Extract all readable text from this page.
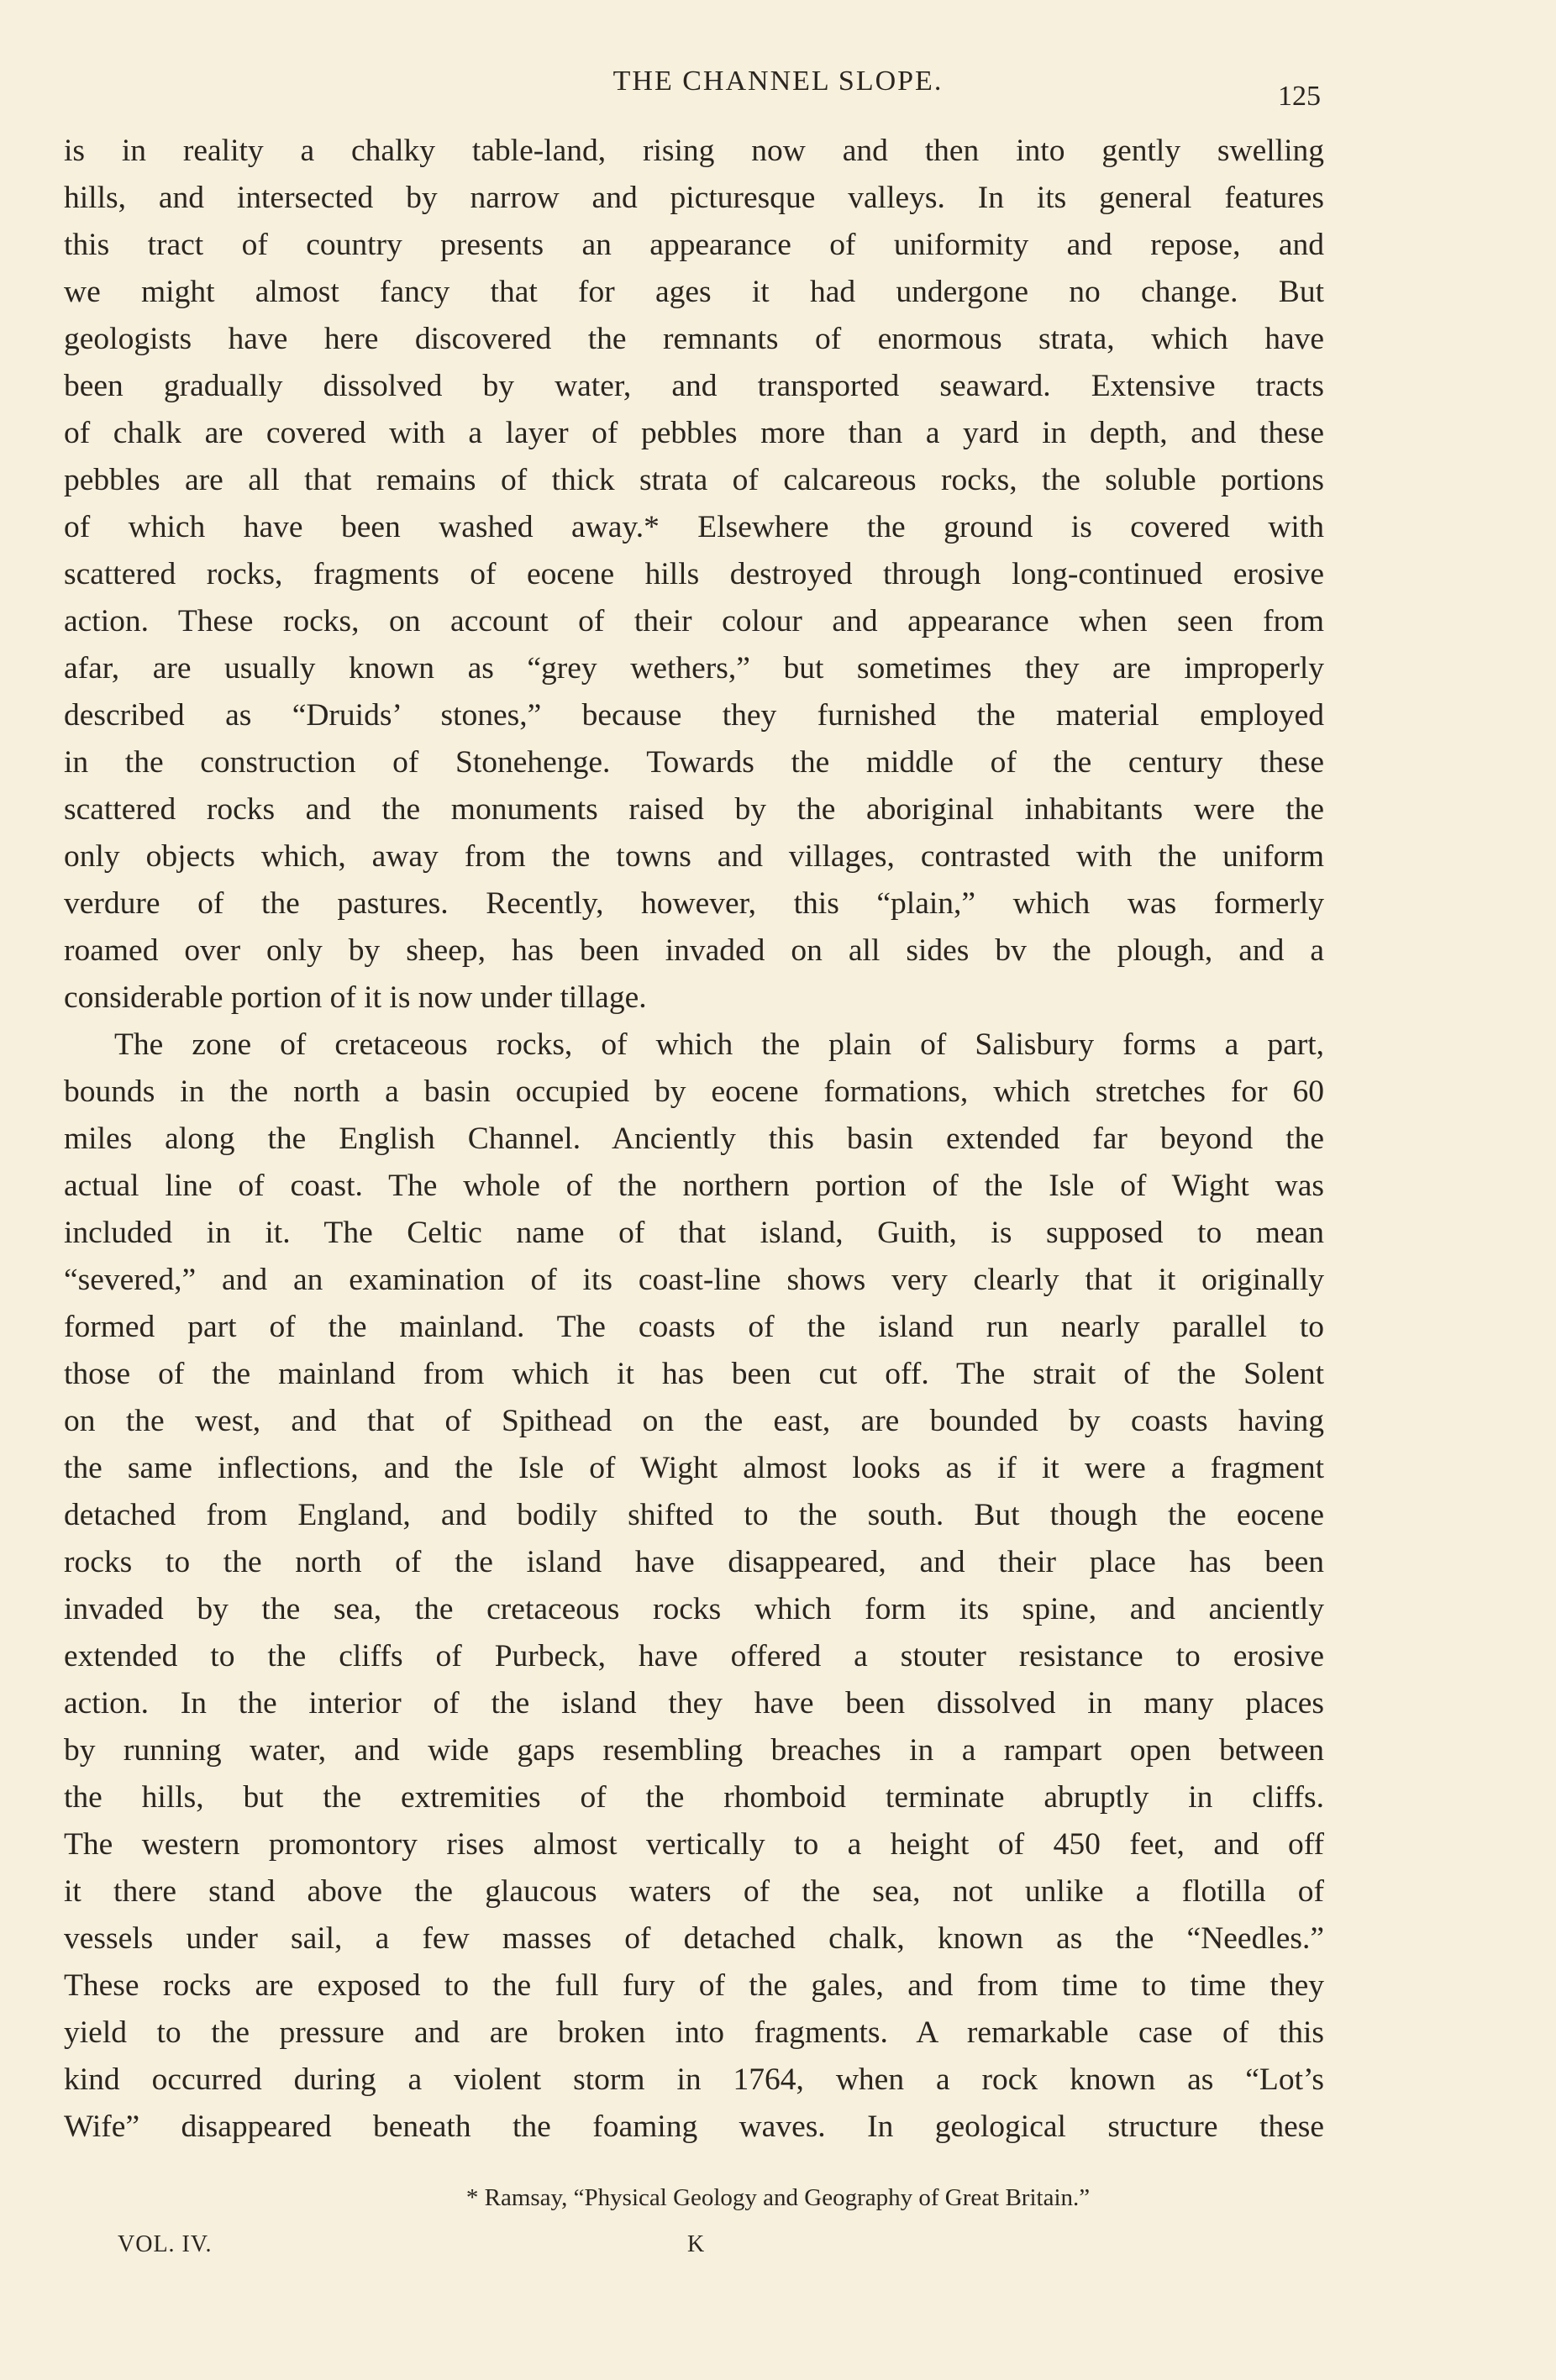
THE CHANNEL SLOPE.	125
is in reality a chalky table-land, rising now and then into gently swelling
hills, and intersected by narrow and picturesque valleys. In its general features
this tract of country presents an appearance of uniformity and repose, and
we might almost fancy that for ages it had undergone no change. But
geologists have here discovered the remnants of enormous strata, which have
been gradually dissolved by water, and transported seaward. Extensive tracts
of chalk are covered with a layer of pebbles more than a yard in depth, and these
pebbles are all that remains of thick strata of calcareous rocks, the soluble portions
of which have been washed away.* Elsewhere the ground is covered with
scattered rocks, fragments of eocene hills destroyed through long-continued erosive
action. These rocks, on account of their colour and appearance when seen from
afar, are usually known as “grey wethers,” but sometimes they are improperly
described as “Druids’ stones,” because they furnished the material employed
in the construction of Stonehenge. Towards the middle of the century these
scattered rocks and the monuments raised by the aboriginal inhabitants were the
only objects which, away from the towns and villages, contrasted with the uniform
verdure of the pastures. Recently, however, this “plain,” which was formerly
roamed over only by sheep, has been invaded on all sides bv the plough, and a
considerable portion of it is now under tillage.
The zone of cretaceous rocks, of which the plain of Salisbury forms a part,
bounds in the north a basin occupied by eocene formations, which stretches for 60
miles along the English Channel. Anciently this basin extended far beyond the
actual line of coast. The whole of the northern portion of the Isle of Wight was
included in it. The Celtic name of that island, Guith, is supposed to mean
“severed,” and an examination of its coast-line shows very clearly that it originally
formed part of the mainland. The coasts of the island run nearly parallel to
those of the mainland from which it has been cut off. The strait of the Solent
on the west, and that of Spithead on the east, are bounded by coasts having
the same inflections, and the Isle of Wight almost looks as if it were a fragment
detached from England, and bodily shifted to the south. But though the eocene
rocks to the north of the island have disappeared, and their place has been
invaded by the sea, the cretaceous rocks which form its spine, and anciently
extended to the cliffs of Purbeck, have offered a stouter resistance to erosive
action. In the interior of the island they have been dissolved in many places
by running water, and wide gaps resembling breaches in a rampart open between
the hills, but the extremities of the rhomboid terminate abruptly in cliffs.
The western promontory rises almost vertically to a height of 450 feet, and off
it there stand above the glaucous waters of the sea, not unlike a flotilla of
vessels under sail, a few masses of detached chalk, known as the “Needles.”
These rocks are exposed to the full fury of the gales, and from time to time they
yield to the pressure and are broken into fragments. A remarkable case of this
kind occurred during a violent storm in 1764, when a rock known as “Lot’s
Wife” disappeared beneath the foaming waves. In geological structure these
* Ramsay, “Physical Geology and Geography of Great Britain.”
VOL. IV.	K
